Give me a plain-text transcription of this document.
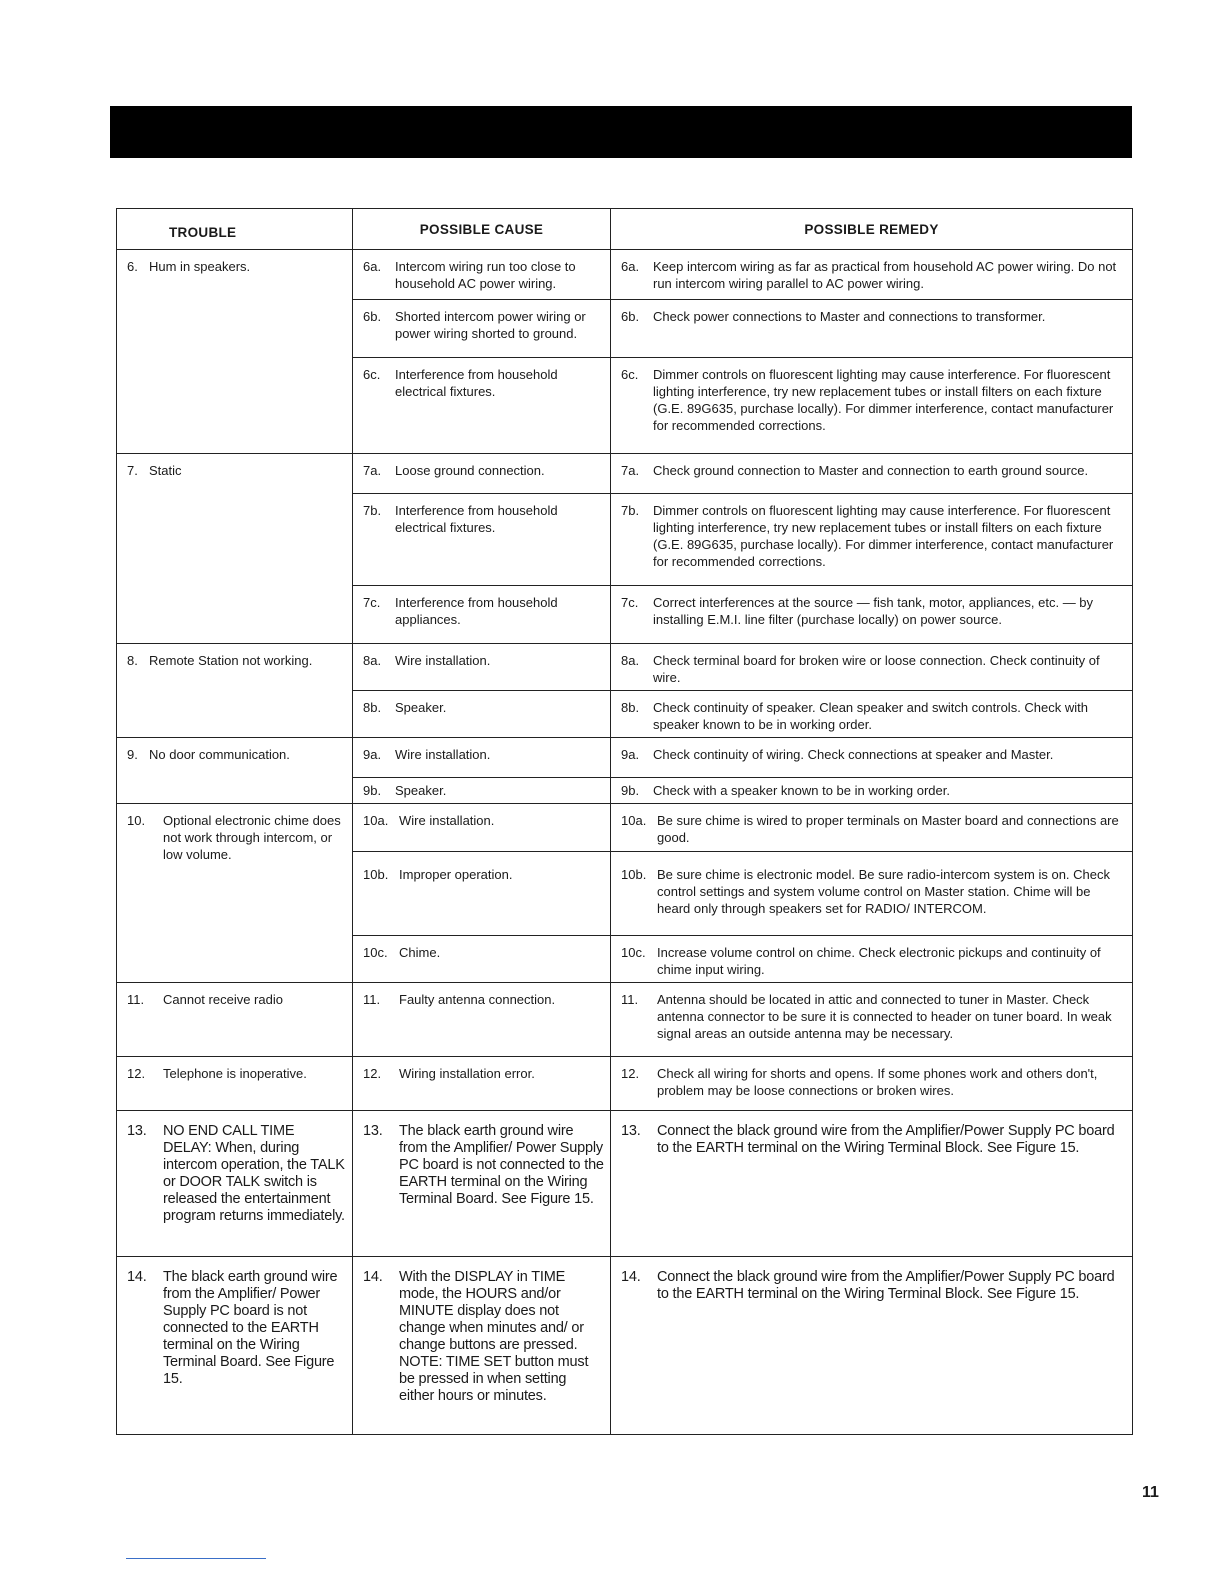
TROUBLE	POSSIBLE CAUSE	POSSIBLE REMEDY

6. Hum in speakers.	6a. Intercom wiring run too close to household AC power wiring.	6a. Keep intercom wiring as far as practical from household AC power wiring. Do not run intercom wiring parallel to AC power wiring.

	6b. Shorted intercom power wiring or power wiring shorted to ground.	6b. Check power connections to Master and connections to transformer.

	6c. Interference from household electrical fixtures.	6c. Dimmer controls on fluorescent lighting may cause interference. For fluorescent lighting interference, try new replacement tubes or install filters on each fixture (G.E. 89G635, purchase locally). For dimmer interference, contact manufacturer for recommended corrections.

7. Static	7a. Loose ground connection.	7a. Check ground connection to Master and connection to earth ground source.

	7b. Interference from household electrical fixtures.	7b. Dimmer controls on fluorescent lighting may cause interference. For fluorescent lighting interference, try new replacement tubes or install filters on each fixture (G.E. 89G635, purchase locally). For dimmer interference, contact manufacturer for recommended corrections.

	7c. Interference from household appliances.	7c. Correct interferences at the source — fish tank, motor, appliances, etc. — by installing E.M.I. line filter (purchase locally) on power source.

8. Remote Station not working.	8a. Wire installation.	8a. Check terminal board for broken wire or loose connection. Check continuity of wire.

	8b. Speaker.	8b. Check continuity of speaker. Clean speaker and switch controls. Check with speaker known to be in working order.

9. No door communication.	9a. Wire installation.	9a. Check continuity of wiring. Check connections at speaker and Master.

	9b. Speaker.	9b. Check with a speaker known to be in working order.

10. Optional electronic chime does not work through intercom, or low volume.	10a. Wire installation.	10a. Be sure chime is wired to proper terminals on Master board and connections are good.

	10b. Improper operation.	10b. Be sure chime is electronic model. Be sure radio-intercom system is on. Check control settings and system volume control on Master station. Chime will be heard only through speakers set for RADIO/ INTERCOM.

	10c. Chime.	10c. Increase volume control on chime. Check electronic pickups and continuity of chime input wiring.

11. Cannot receive radio	11. Faulty antenna connection.	11. Antenna should be located in attic and connected to tuner in Master. Check antenna connector to be sure it is connected to header on tuner board. In weak signal areas an outside antenna may be necessary.

12. Telephone is inoperative.	12. Wiring installation error.	12. Check all wiring for shorts and opens. If some phones work and others don't, problem may be loose connections or broken wires.

13. NO END CALL TIME DELAY: When, during intercom operation, the TALK or DOOR TALK switch is released the entertainment program returns immediately.	13. The black earth ground wire from the Amplifier/ Power Supply PC board is not connected to the EARTH terminal on the Wiring Terminal Board. See Figure 15.	13. Connect the black ground wire from the Amplifier/Power Supply PC board to the EARTH terminal on the Wiring Terminal Block. See Figure 15.

14. The black earth ground wire from the Amplifier/ Power Supply PC board is not connected to the EARTH terminal on the Wiring Terminal Board. See Figure 15.	14. With the DISPLAY in TIME mode, the HOURS and/or MINUTE display does not change when minutes and/ or change buttons are pressed. NOTE: TIME SET button must be pressed in when setting either hours or minutes.	14. Connect the black ground wire from the Amplifier/Power Supply PC board to the EARTH terminal on the Wiring Terminal Block. See Figure 15.
11
